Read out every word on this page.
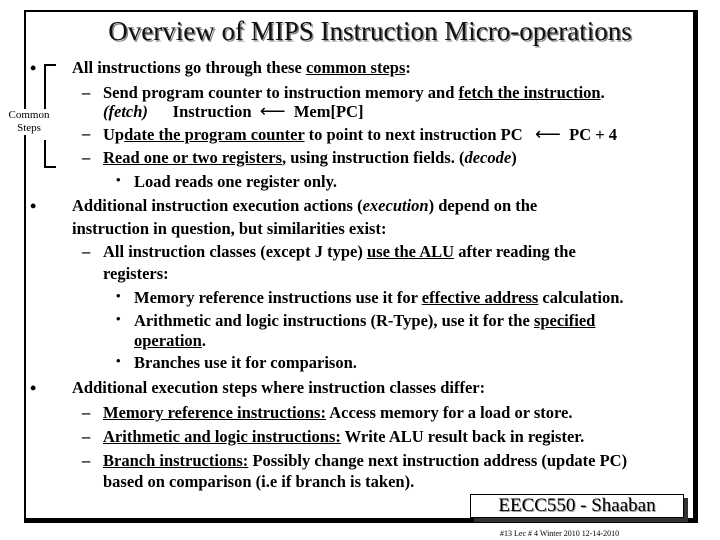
Overview of MIPS Instruction Micro-operations
Common
Steps
• All instructions go through these common steps:
– Send program counter to instruction memory and fetch the instruction.
(fetch) Instruction ⟵ Mem[PC]
– Update the program counter to point to next instruction PC ⟵ PC + 4
– Read one or two registers, using instruction fields. (decode)
• Load reads one register only.
• Additional instruction execution actions (execution) depend on the
instruction in question, but similarities exist:
– All instruction classes (except J type) use the ALU after reading the
registers:
• Memory reference instructions use it for effective address calculation.
• Arithmetic and logic instructions (R-Type), use it for the specified
operation.
• Branches use it for comparison.
• Additional execution steps where instruction classes differ:
– Memory reference instructions: Access memory for a load or store.
– Arithmetic and logic instructions: Write ALU result back in register.
– Branch instructions: Possibly change next instruction address (update PC)
based on comparison (i.e if branch is taken).
EECC550 - Shaaban
#13 Lec # 4 Winter 2010 12-14-2010
